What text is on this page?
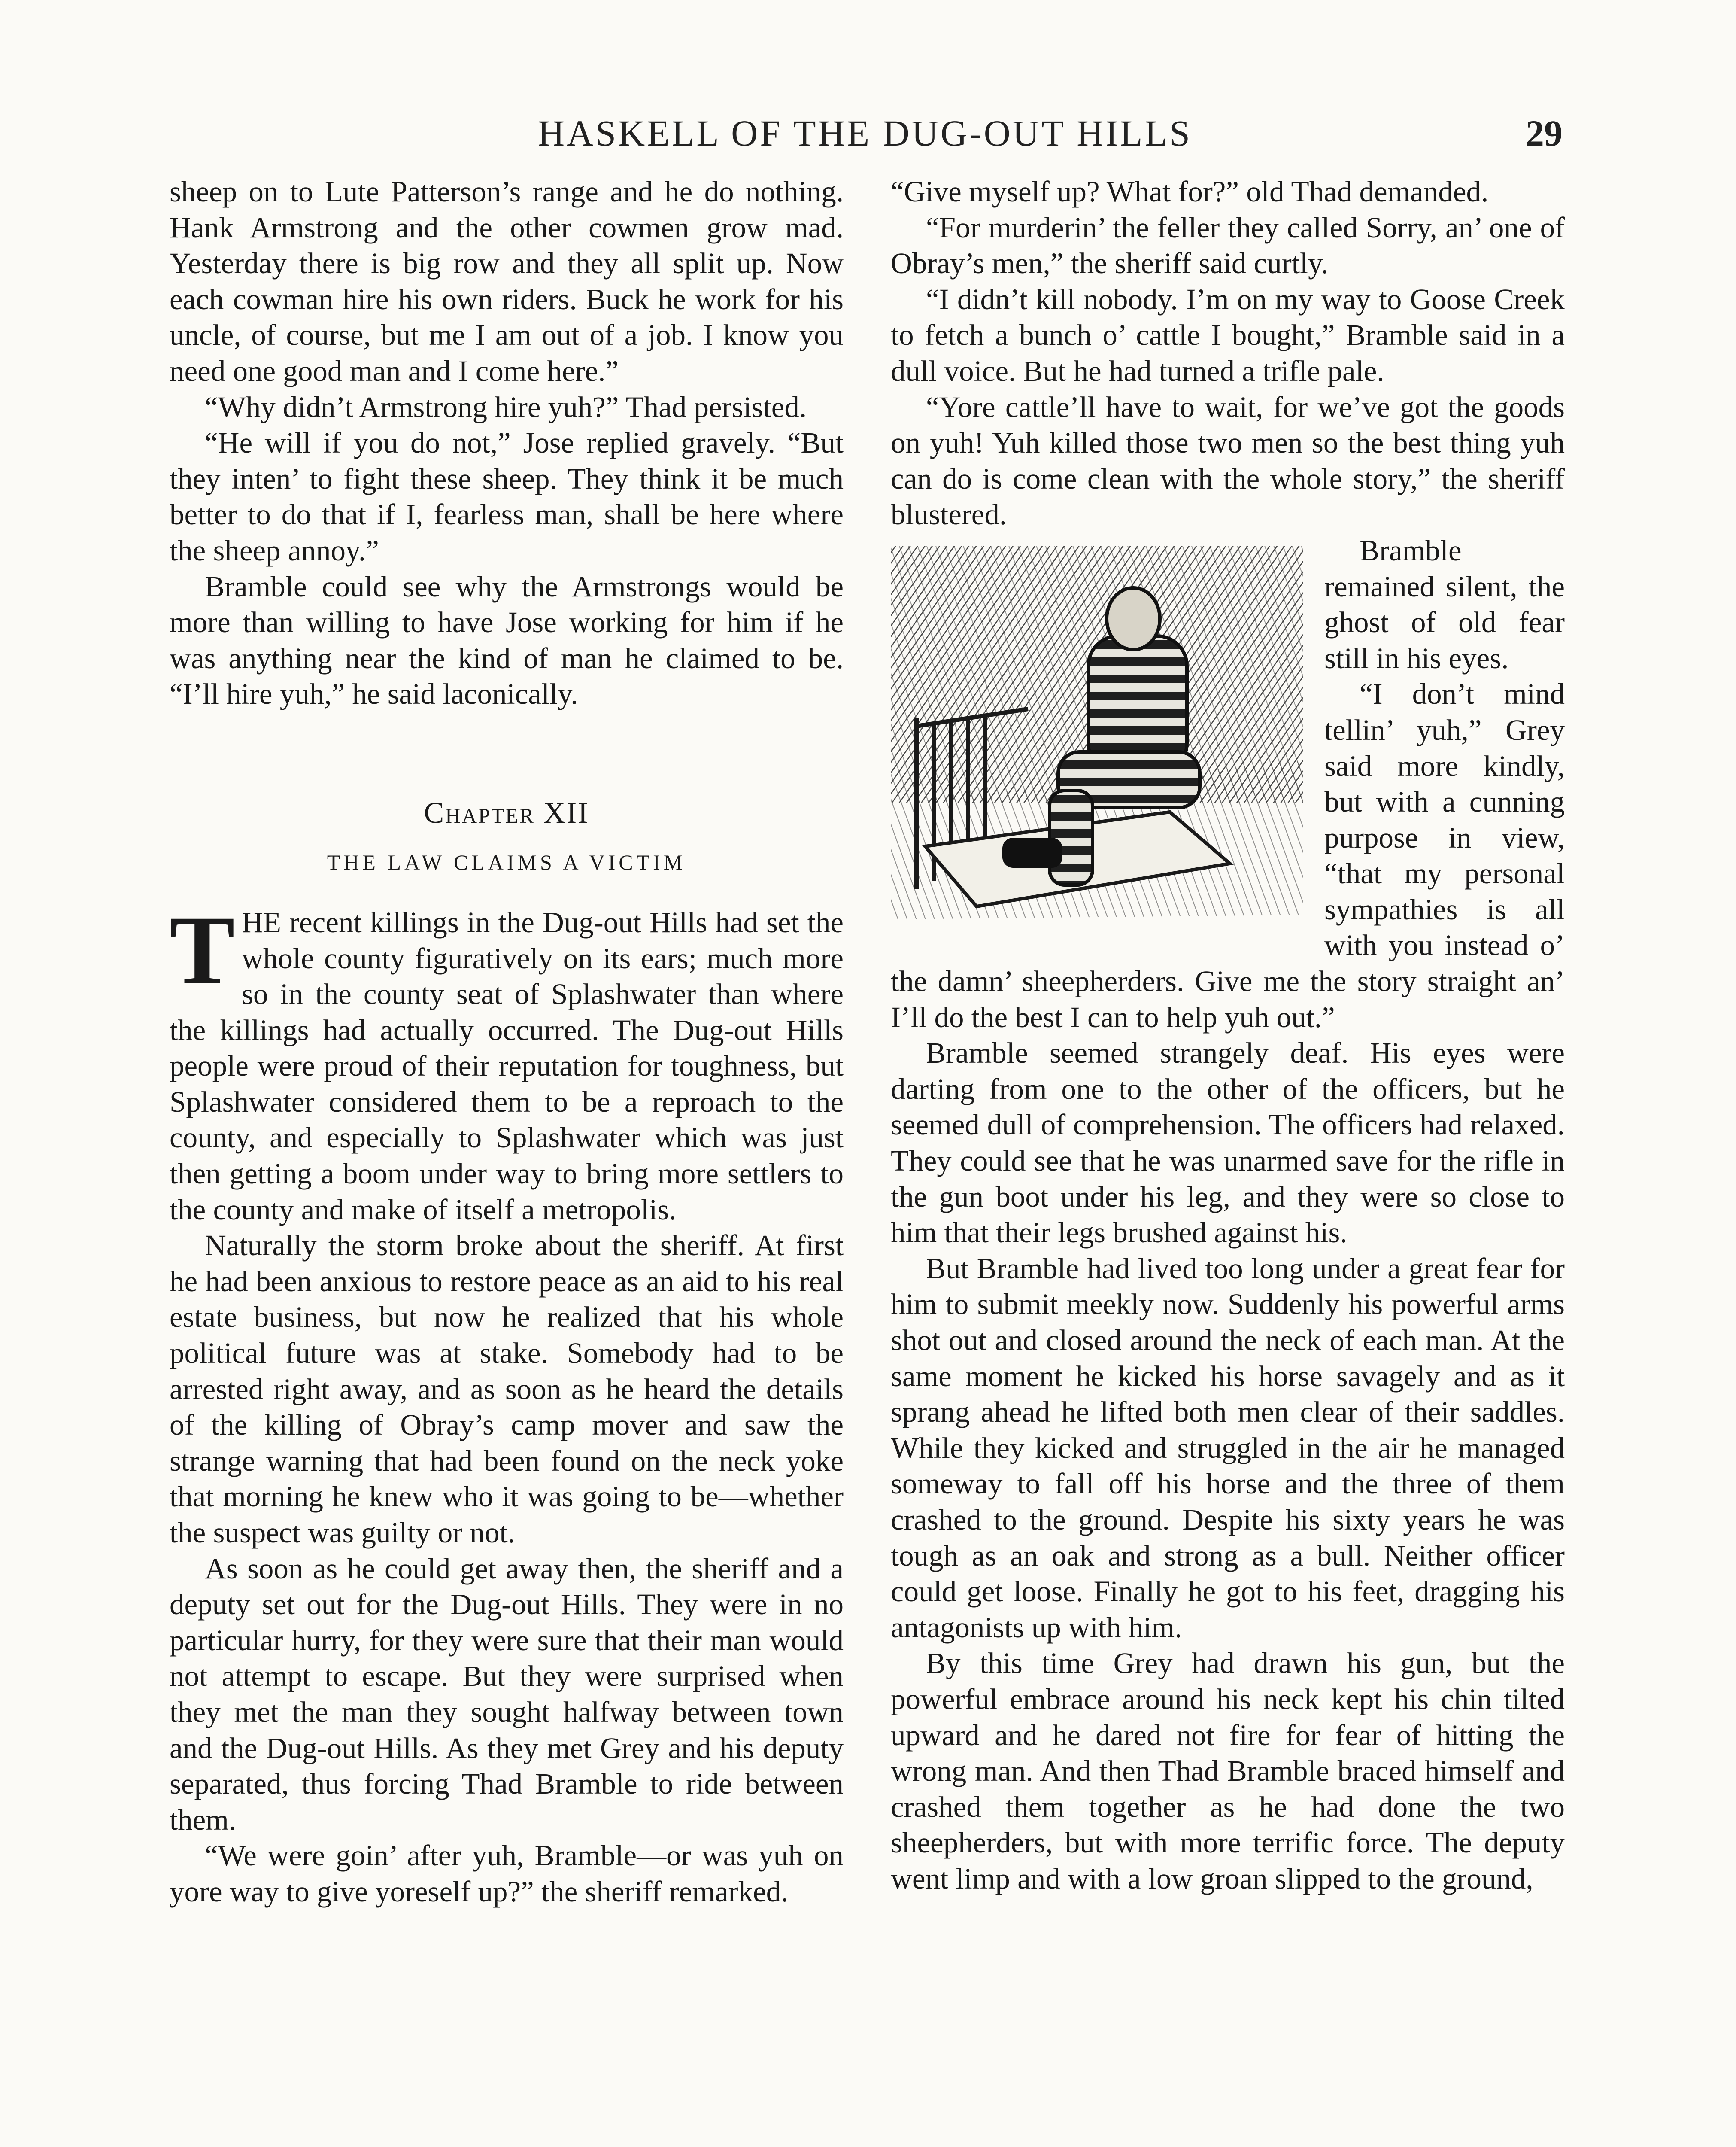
HASKELL OF THE DUG-OUT HILLS	29

sheep on to Lute Patterson’s range and he do nothing. Hank Armstrong and the other cowmen grow mad. Yesterday there is big row and they all split up. Now each cowman hire his own riders. Buck he work for his uncle, of course, but me I am out of a job. I know you need one good man and I come here.”

“Why didn’t Armstrong hire yuh?” Thad persisted.

“He will if you do not,” Jose replied gravely. “But they inten’ to fight these sheep. They think it be much better to do that if I, fearless man, shall be here where the sheep annoy.”

Bramble could see why the Armstrongs would be more than willing to have Jose working for him if he was anything near the kind of man he claimed to be. “I’ll hire yuh,” he said laconically.

Chapter XII
THE LAW CLAIMS A VICTIM

THE recent killings in the Dug-out Hills had set the whole county figuratively on its ears; much more so in the county seat of Splashwater than where the killings had actually occurred. The Dug-out Hills people were proud of their reputation for toughness, but Splashwater considered them to be a reproach to the county, and especially to Splashwater which was just then getting a boom under way to bring more settlers to the county and make of itself a metropolis.

Naturally the storm broke about the sheriff. At first he had been anxious to restore peace as an aid to his real estate business, but now he realized that his whole political future was at stake. Somebody had to be arrested right away, and as soon as he heard the details of the killing of Obray’s camp mover and saw the strange warning that had been found on the neck yoke that morning he knew who it was going to be—whether the suspect was guilty or not.

As soon as he could get away then, the sheriff and a deputy set out for the Dug-out Hills. They were in no particular hurry, for they were sure that their man would not attempt to escape. But they were surprised when they met the man they sought halfway between town and the Dug-out Hills. As they met Grey and his deputy separated, thus forcing Thad Bramble to ride between them.

“We were goin’ after yuh, Bramble—or was yuh on yore way to give yoreself up?” the sheriff remarked.

“Give myself up? What for?” old Thad demanded.

“For murderin’ the feller they called Sorry, an’ one of Obray’s men,” the sheriff said curtly.

“I didn’t kill nobody. I’m on my way to Goose Creek to fetch a bunch o’ cattle I bought,” Bramble said in a dull voice. But he had turned a trifle pale.

“Yore cattle’ll have to wait, for we’ve got the goods on yuh! Yuh killed those two men so the best thing yuh can do is come clean with the whole story,” the sheriff blustered.

Bramble remained silent, the ghost of old fear still in his eyes.

“I don’t mind tellin’ yuh,” Grey said more kindly, but with a cunning purpose in view, “that my personal sympathies is all with you instead o’ the damn’ sheepherders. Give me the story straight an’ I’ll do the best I can to help yuh out.”

Bramble seemed strangely deaf. His eyes were darting from one to the other of the officers, but he seemed dull of comprehension. The officers had relaxed. They could see that he was unarmed save for the rifle in the gun boot under his leg, and they were so close to him that their legs brushed against his.

But Bramble had lived too long under a great fear for him to submit meekly now. Suddenly his powerful arms shot out and closed around the neck of each man. At the same moment he kicked his horse savagely and as it sprang ahead he lifted both men clear of their saddles. While they kicked and struggled in the air he managed someway to fall off his horse and the three of them crashed to the ground. Despite his sixty years he was tough as an oak and strong as a bull. Neither officer could get loose. Finally he got to his feet, dragging his antagonists up with him.

By this time Grey had drawn his gun, but the powerful embrace around his neck kept his chin tilted upward and he dared not fire for fear of hitting the wrong man. And then Thad Bramble braced himself and crashed them together as he had done the two sheepherders, but with more terrific force. The deputy went limp and with a low groan slipped to the ground,
